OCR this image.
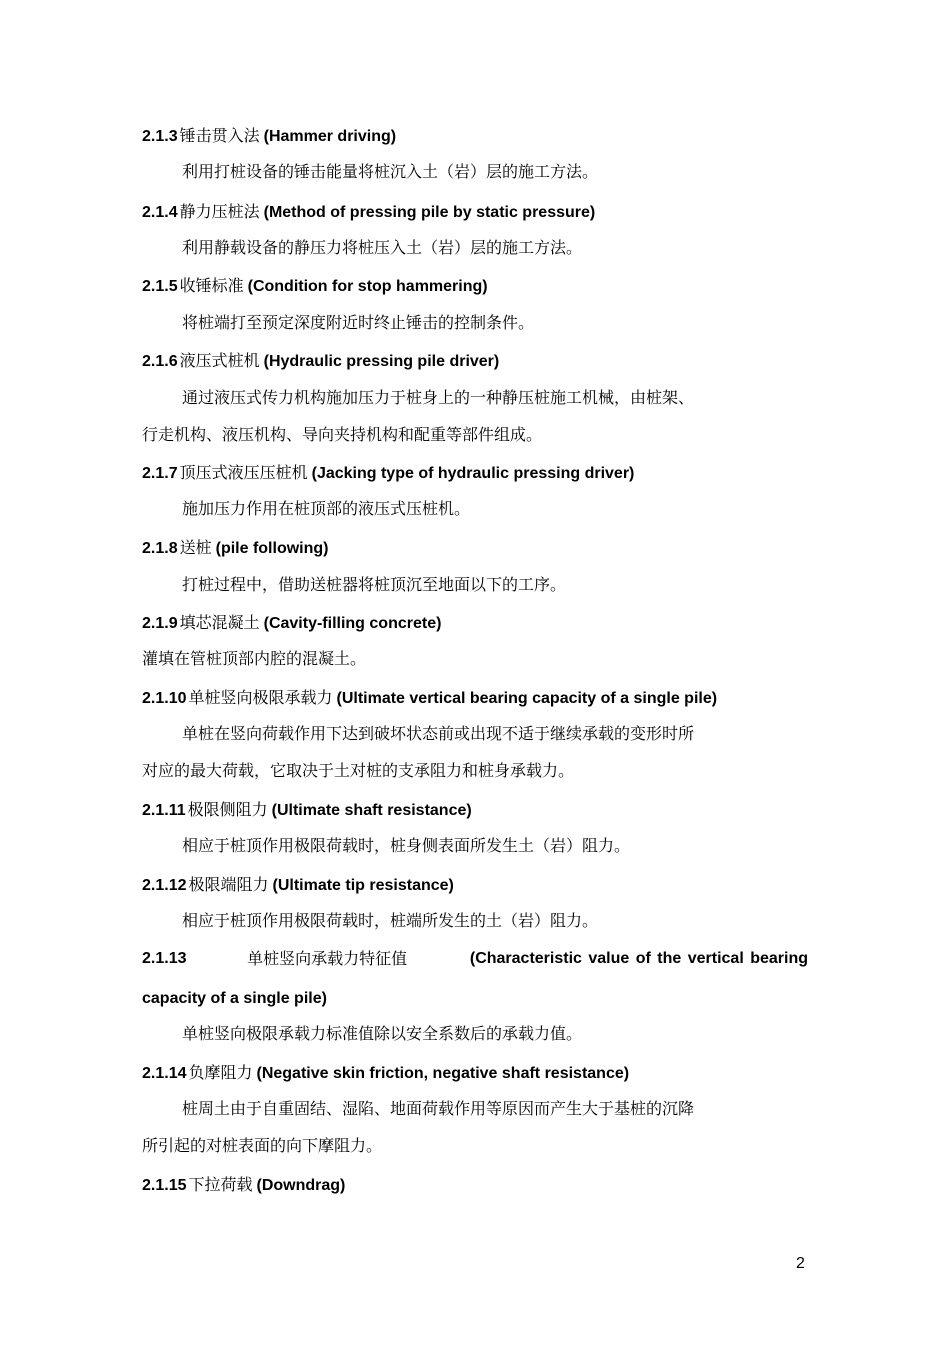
2.1.3 锤击贯入法 (Hammer driving)
利用打桩设备的锤击能量将桩沉入土（岩）层的施工方法。
2.1.4 静力压桩法 (Method of pressing pile by static pressure)
利用静载设备的静压力将桩压入土（岩）层的施工方法。
2.1.5 收锤标准 (Condition for stop hammering)
将桩端打至预定深度附近时终止锤击的控制条件。
2.1.6 液压式桩机 (Hydraulic pressing pile driver)
通过液压式传力机构施加压力于桩身上的一种静压桩施工机械，由桩架、
行走机构、液压机构、导向夹持机构和配重等部件组成。
2.1.7 顶压式液压压桩机 (Jacking type of hydraulic pressing driver)
施加压力作用在桩顶部的液压式压桩机。
2.1.8 送桩 (pile following)
打桩过程中，借助送桩器将桩顶沉至地面以下的工序。
2.1.9 填芯混凝土 (Cavity-filling concrete)
灌填在管桩顶部内腔的混凝土。
2.1.10 单桩竖向极限承载力 (Ultimate vertical bearing capacity of a single pile)
单桩在竖向荷载作用下达到破坏状态前或出现不适于继续承载的变形时所
对应的最大荷载，它取决于土对桩的支承阻力和桩身承载力。
2.1.11 极限侧阻力 (Ultimate shaft resistance)
相应于桩顶作用极限荷载时，桩身侧表面所发生土（岩）阻力。
2.1.12 极限端阻力 (Ultimate tip resistance)
相应于桩顶作用极限荷载时，桩端所发生的土（岩）阻力。
2.1.13	单桩竖向承载力特征值	(Characteristic value of the vertical bearing
capacity of a single pile)
单桩竖向极限承载力标准值除以安全系数后的承载力值。
2.1.14 负摩阻力 (Negative skin friction, negative shaft resistance)
桩周土由于自重固结、湿陷、地面荷载作用等原因而产生大于基桩的沉降
所引起的对桩表面的向下摩阻力。
2.1.15 下拉荷载 (Downdrag)
2
